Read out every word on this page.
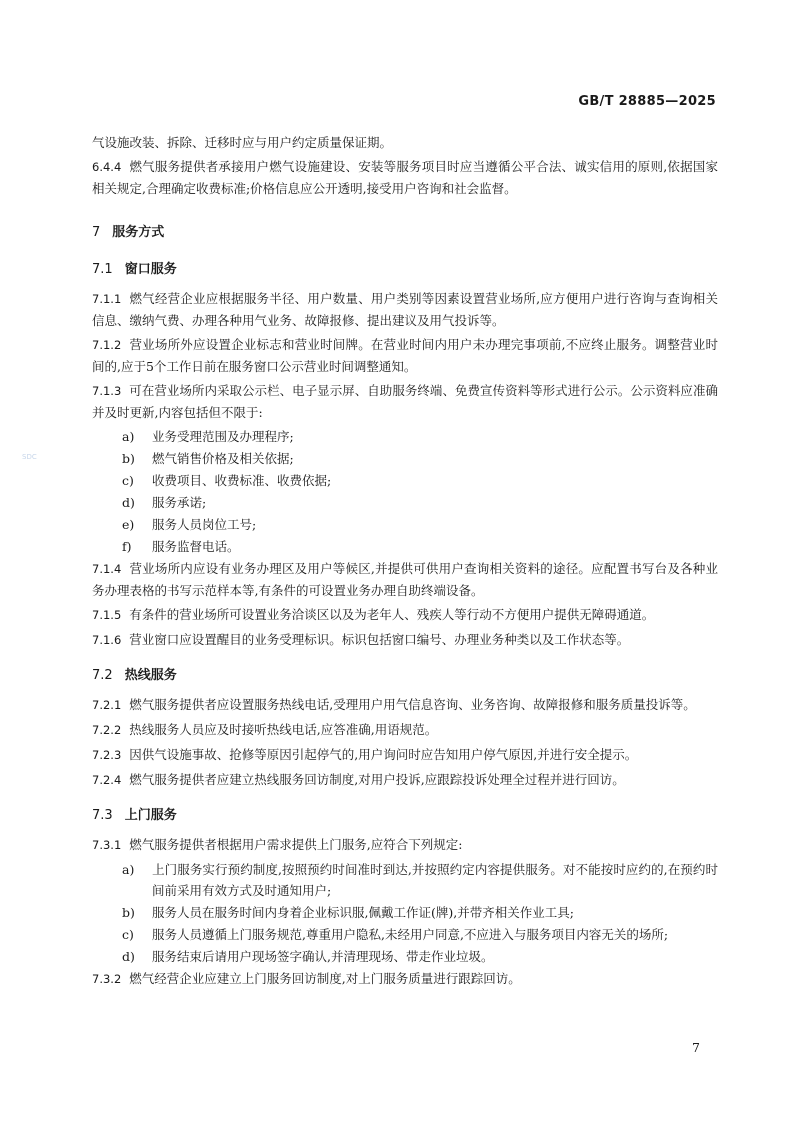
GB/T 28885—2025
SDC

气设施改装、拆除、迁移时应与用户约定质量保证期。

6.4.4 燃气服务提供者承接用户燃气设施建设、安装等服务项目时应当遵循公平合法、诚实信用的原则,依据国家相关规定,合理确定收费标准;价格信息应公开透明,接受用户咨询和社会监督。

7 服务方式

7.1 窗口服务

7.1.1 燃气经营企业应根据服务半径、用户数量、用户类别等因素设置营业场所,应方便用户进行咨询与查询相关信息、缴纳气费、办理各种用气业务、故障报修、提出建议及用气投诉等。

7.1.2 营业场所外应设置企业标志和营业时间牌。在营业时间内用户未办理完事项前,不应终止服务。调整营业时间的,应于5个工作日前在服务窗口公示营业时间调整通知。

7.1.3 可在营业场所内采取公示栏、电子显示屏、自助服务终端、免费宣传资料等形式进行公示。公示资料应准确并及时更新,内容包括但不限于:

a) 业务受理范围及办理程序;

b) 燃气销售价格及相关依据;

c) 收费项目、收费标准、收费依据;

d) 服务承诺;

e) 服务人员岗位工号;

f) 服务监督电话。

7.1.4 营业场所内应设有业务办理区及用户等候区,并提供可供用户查询相关资料的途径。应配置书写台及各种业务办理表格的书写示范样本等,有条件的可设置业务办理自助终端设备。

7.1.5 有条件的营业场所可设置业务洽谈区以及为老年人、残疾人等行动不方便用户提供无障碍通道。

7.1.6 营业窗口应设置醒目的业务受理标识。标识包括窗口编号、办理业务种类以及工作状态等。

7.2 热线服务

7.2.1 燃气服务提供者应设置服务热线电话,受理用户用气信息咨询、业务咨询、故障报修和服务质量投诉等。

7.2.2 热线服务人员应及时接听热线电话,应答准确,用语规范。

7.2.3 因供气设施事故、抢修等原因引起停气的,用户询问时应告知用户停气原因,并进行安全提示。

7.2.4 燃气服务提供者应建立热线服务回访制度,对用户投诉,应跟踪投诉处理全过程并进行回访。

7.3 上门服务

7.3.1 燃气服务提供者根据用户需求提供上门服务,应符合下列规定:

a) 上门服务实行预约制度,按照预约时间准时到达,并按照约定内容提供服务。对不能按时应约的,在预约时间前采用有效方式及时通知用户;

b) 服务人员在服务时间内身着企业标识服,佩戴工作证(牌),并带齐相关作业工具;

c) 服务人员遵循上门服务规范,尊重用户隐私,未经用户同意,不应进入与服务项目内容无关的场所;

d) 服务结束后请用户现场签字确认,并清理现场、带走作业垃圾。

7.3.2 燃气经营企业应建立上门服务回访制度,对上门服务质量进行跟踪回访。

7
